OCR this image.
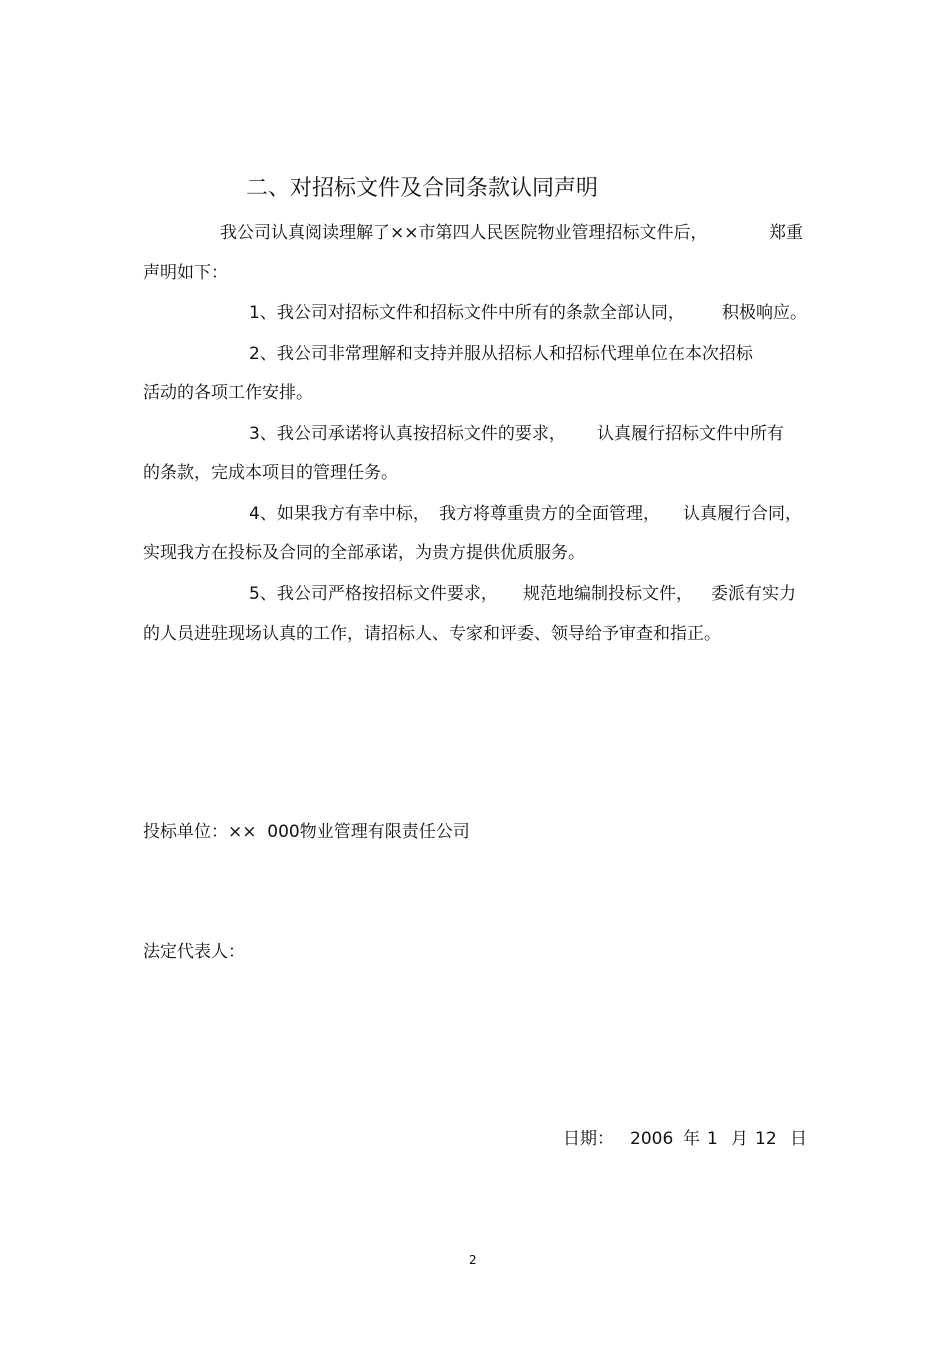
二、对招标文件及合同条款认同声明
我公司认真阅读理解了××市第四人民医院物业管理招标文件后，	郑重
声明如下：
1、我公司对招标文件和招标文件中所有的条款全部认同， 积极响应。
2、我公司非常理解和支持并服从招标人和招标代理单位在本次招标
活动的各项工作安排。
3、我公司承诺将认真按招标文件的要求， 认真履行招标文件中所有
的条款，完成本项目的管理任务。
4、如果我方有幸中标， 我方将尊重贵方的全面管理， 认真履行合同，
实现我方在投标及合同的全部承诺，为贵方提供优质服务。
5、我公司严格按招标文件要求， 规范地编制投标文件， 委派有实力
的人员进驻现场认真的工作，请招标人、专家和评委、领导给予审查和指正。
投标单位：××  000物业管理有限责任公司
法定代表人：
日期： 2006 年 1 月 12 日
2
